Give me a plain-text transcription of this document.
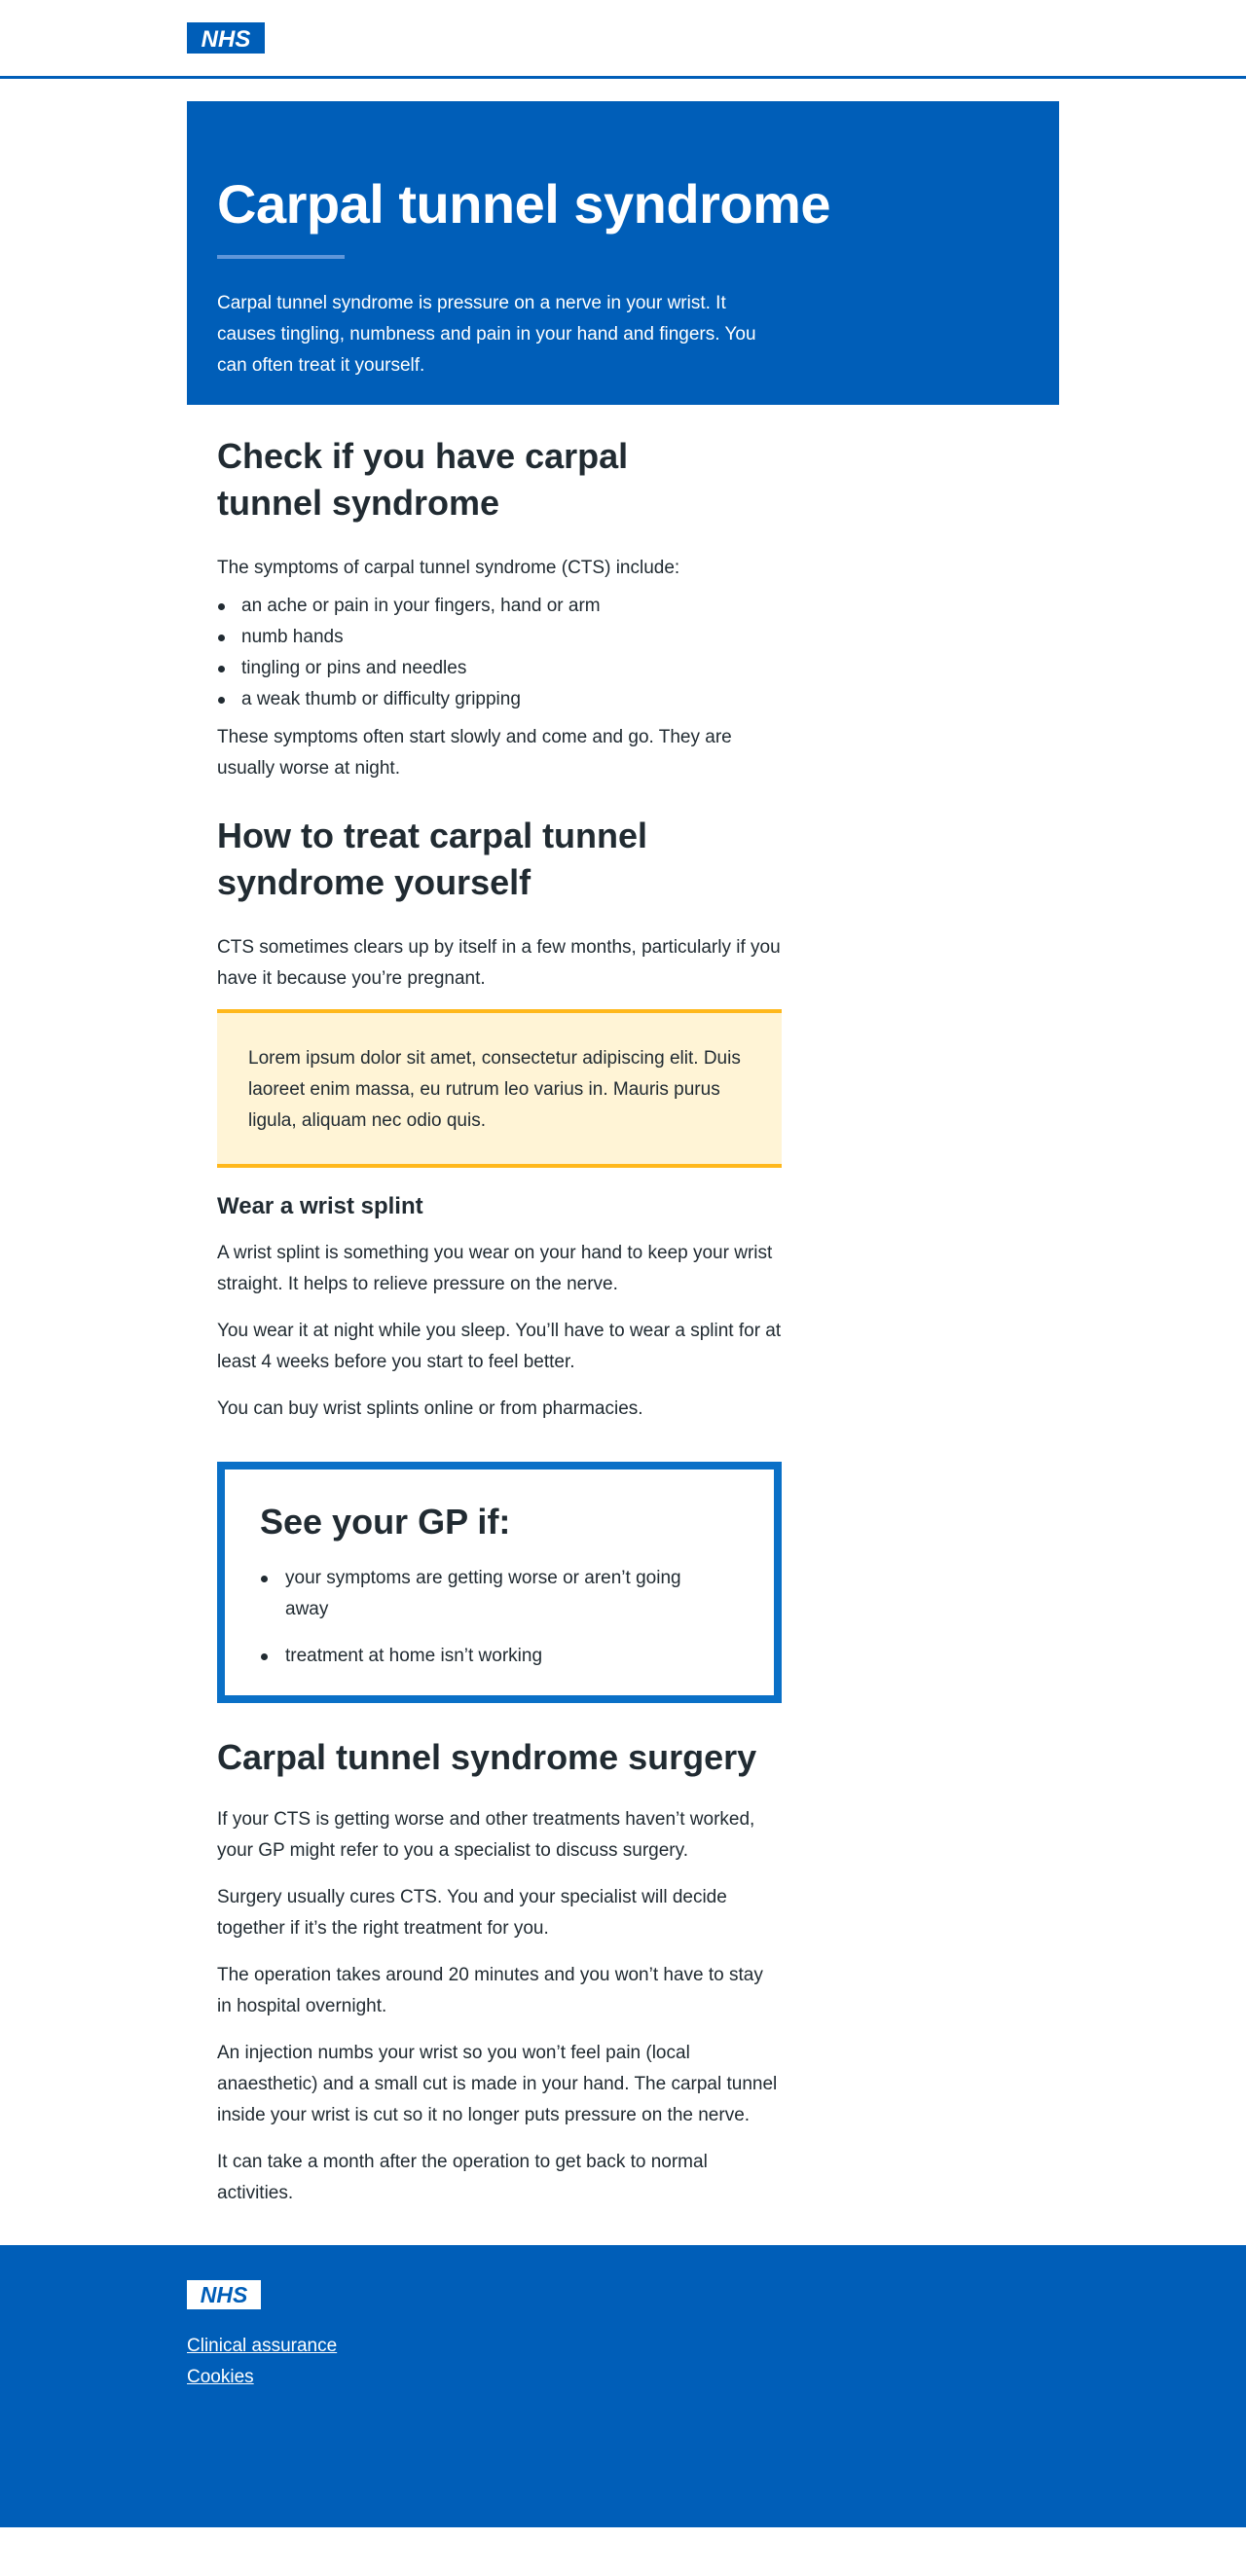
NHS
Carpal tunnel syndrome

Carpal tunnel syndrome is pressure on a nerve in your wrist. It causes tingling, numbness and pain in your hand and fingers. You can often treat it yourself.

Check if you have carpal tunnel syndrome

The symptoms of carpal tunnel syndrome (CTS) include:

an ache or pain in your fingers, hand or arm
numb hands
tingling or pins and needles
a weak thumb or difficulty gripping

These symptoms often start slowly and come and go. They are usually worse at night.

How to treat carpal tunnel syndrome yourself

CTS sometimes clears up by itself in a few months, particularly if you have it because you’re pregnant.

Lorem ipsum dolor sit amet, consectetur adipiscing elit. Duis laoreet enim massa, eu rutrum leo varius in. Mauris purus ligula, aliquam nec odio quis.

Wear a wrist splint

A wrist splint is something you wear on your hand to keep your wrist straight. It helps to relieve pressure on the nerve.

You wear it at night while you sleep. You’ll have to wear a splint for at least 4 weeks before you start to feel better.

You can buy wrist splints online or from pharmacies.

See your GP if:
your symptoms are getting worse or aren’t going away
treatment at home isn’t working
Carpal tunnel syndrome surgery

If your CTS is getting worse and other treatments haven’t worked, your GP might refer to you a specialist to discuss surgery.

Surgery usually cures CTS. You and your specialist will decide together if it’s the right treatment for you.

The operation takes around 20 minutes and you won’t have to stay in hospital overnight.

An injection numbs your wrist so you won’t feel pain (local anaesthetic) and a small cut is made in your hand. The carpal tunnel inside your wrist is cut so it no longer puts pressure on the nerve.

It can take a month after the operation to get back to normal activities.

NHS
Clinical assurance
Cookies
